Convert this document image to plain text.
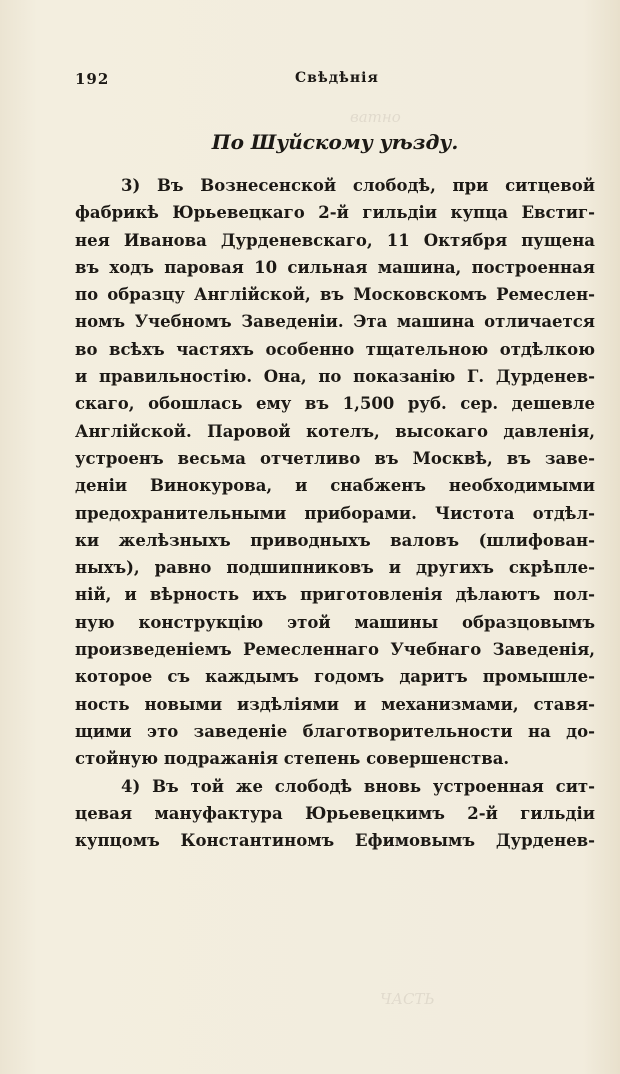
ватно
ЧАСТЬ
192	Свѣдѣнія
По Шуйскому уѣзду.
3) Въ Вознесенской слободѣ, при ситцевой
фабрикѣ Юрьевецкаго 2-й гильдіи купца Евстиг-
нея Иванова Дурденевскаго, 11 Октября пущена
въ ходъ паровая 10 сильная машина, построенная
по образцу Англійской, въ Московскомъ Ремеслен-
номъ Учебномъ Заведеніи. Эта машина отличается
во всѣхъ частяхъ особенно тщательною отдѣлкою
и правильностію. Она, по показанію Г. Дурденев-
скаго, обошлась ему въ 1,500 руб. сер. дешевле
Англійской. Паровой котелъ, высокаго давленія,
устроенъ весьма отчетливо въ Москвѣ, въ заве-
деніи Винокурова, и снабженъ необходимыми
предохранительными приборами. Чистота отдѣл-
ки желѣзныхъ приводныхъ валовъ (шлифован-
ныхъ), равно подшипниковъ и другихъ скрѣпле-
ній, и вѣрность ихъ приготовленія дѣлаютъ пол-
ную конструкцію этой машины образцовымъ
произведеніемъ Ремесленнаго Учебнаго Заведенія,
которое съ каждымъ годомъ даритъ промышле-
ность новыми издѣліями и механизмами, ставя-
щими это заведеніе благотворительности на до-
стойную подражанія степень совершенства.
4) Въ той же слободѣ вновь устроенная сит-
цевая мануфактура Юрьевецкимъ 2-й гильдіи
купцомъ Константиномъ Ефимовымъ Дурденев-
